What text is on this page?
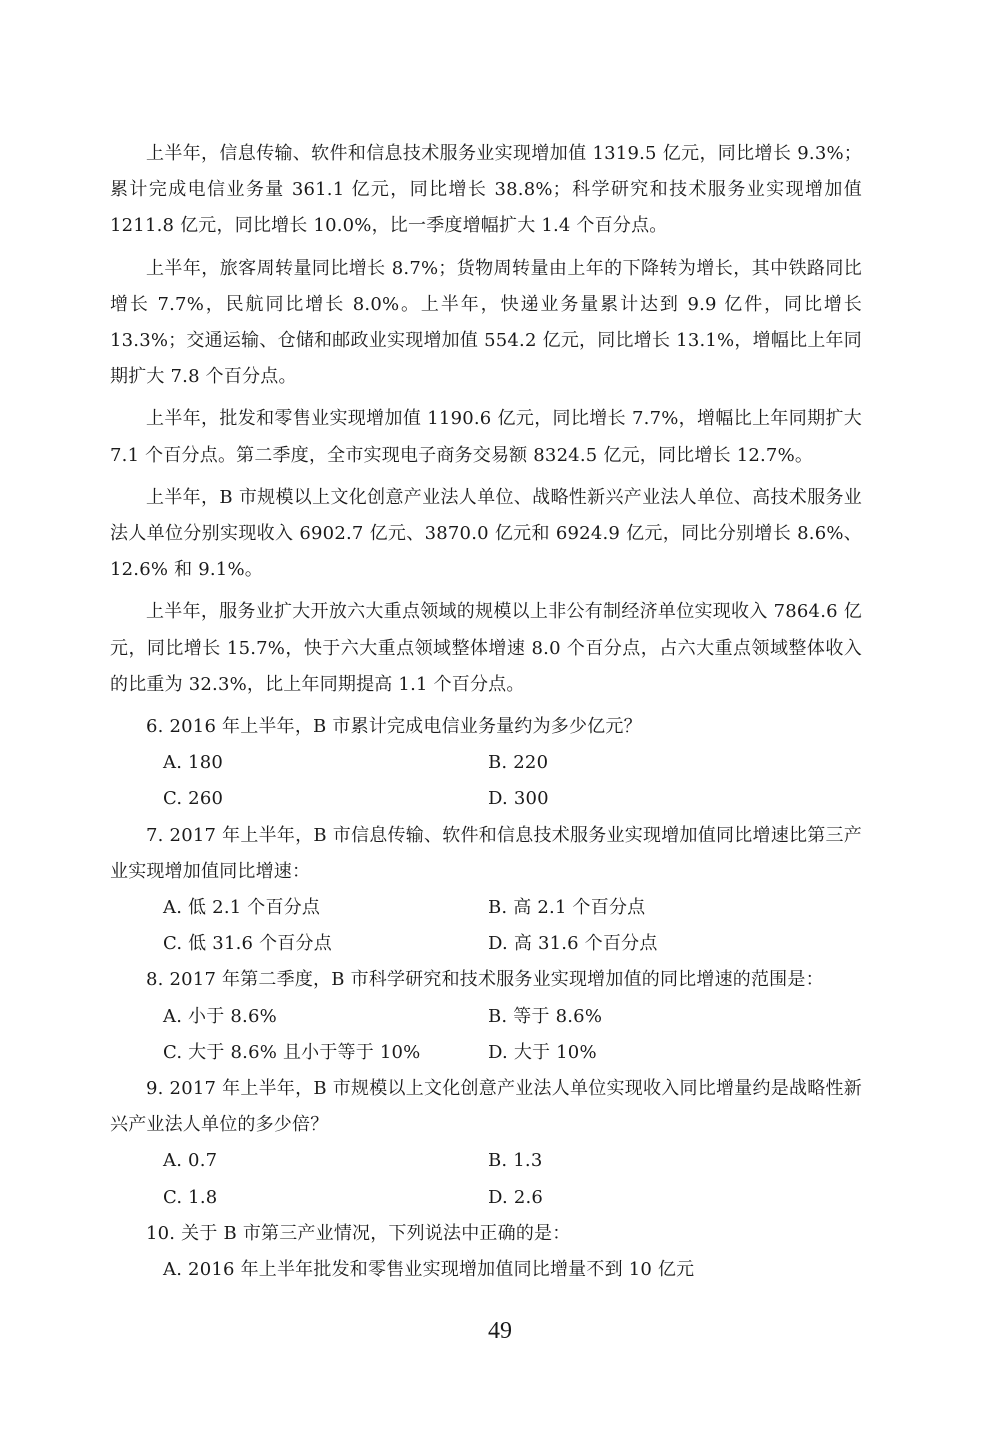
上半年，信息传输、软件和信息技术服务业实现增加值 1319.5 亿元，同比增长 9.3%；累计完成电信业务量 361.1 亿元，同比增长 38.8%；科学研究和技术服务业实现增加值 1211.8 亿元，同比增长 10.0%，比一季度增幅扩大 1.4 个百分点。

上半年，旅客周转量同比增长 8.7%；货物周转量由上年的下降转为增长，其中铁路同比增长 7.7%，民航同比增长 8.0%。上半年，快递业务量累计达到 9.9 亿件，同比增长 13.3%；交通运输、仓储和邮政业实现增加值 554.2 亿元，同比增长 13.1%，增幅比上年同期扩大 7.8 个百分点。

上半年，批发和零售业实现增加值 1190.6 亿元，同比增长 7.7%，增幅比上年同期扩大 7.1 个百分点。第二季度，全市实现电子商务交易额 8324.5 亿元，同比增长 12.7%。

上半年，B 市规模以上文化创意产业法人单位、战略性新兴产业法人单位、高技术服务业法人单位分别实现收入 6902.7 亿元、3870.0 亿元和 6924.9 亿元，同比分别增长 8.6%、12.6% 和 9.1%。

上半年，服务业扩大开放六大重点领域的规模以上非公有制经济单位实现收入 7864.6 亿元，同比增长 15.7%，快于六大重点领域整体增速 8.0 个百分点，占六大重点领域整体收入的比重为 32.3%，比上年同期提高 1.1 个百分点。

6. 2016 年上半年，B 市累计完成电信业务量约为多少亿元？

A. 180	B. 220
C. 260	D. 300

7. 2017 年上半年，B 市信息传输、软件和信息技术服务业实现增加值同比增速比第三产业实现增加值同比增速：

A. 低 2.1 个百分点	B. 高 2.1 个百分点
C. 低 31.6 个百分点	D. 高 31.6 个百分点

8. 2017 年第二季度，B 市科学研究和技术服务业实现增加值的同比增速的范围是：

A. 小于 8.6%	B. 等于 8.6%
C. 大于 8.6% 且小于等于 10%	D. 大于 10%

9. 2017 年上半年，B 市规模以上文化创意产业法人单位实现收入同比增量约是战略性新兴产业法人单位的多少倍？

A. 0.7	B. 1.3
C. 1.8	D. 2.6

10. 关于 B 市第三产业情况，下列说法中正确的是：

A. 2016 年上半年批发和零售业实现增加值同比增量不到 10 亿元
49
